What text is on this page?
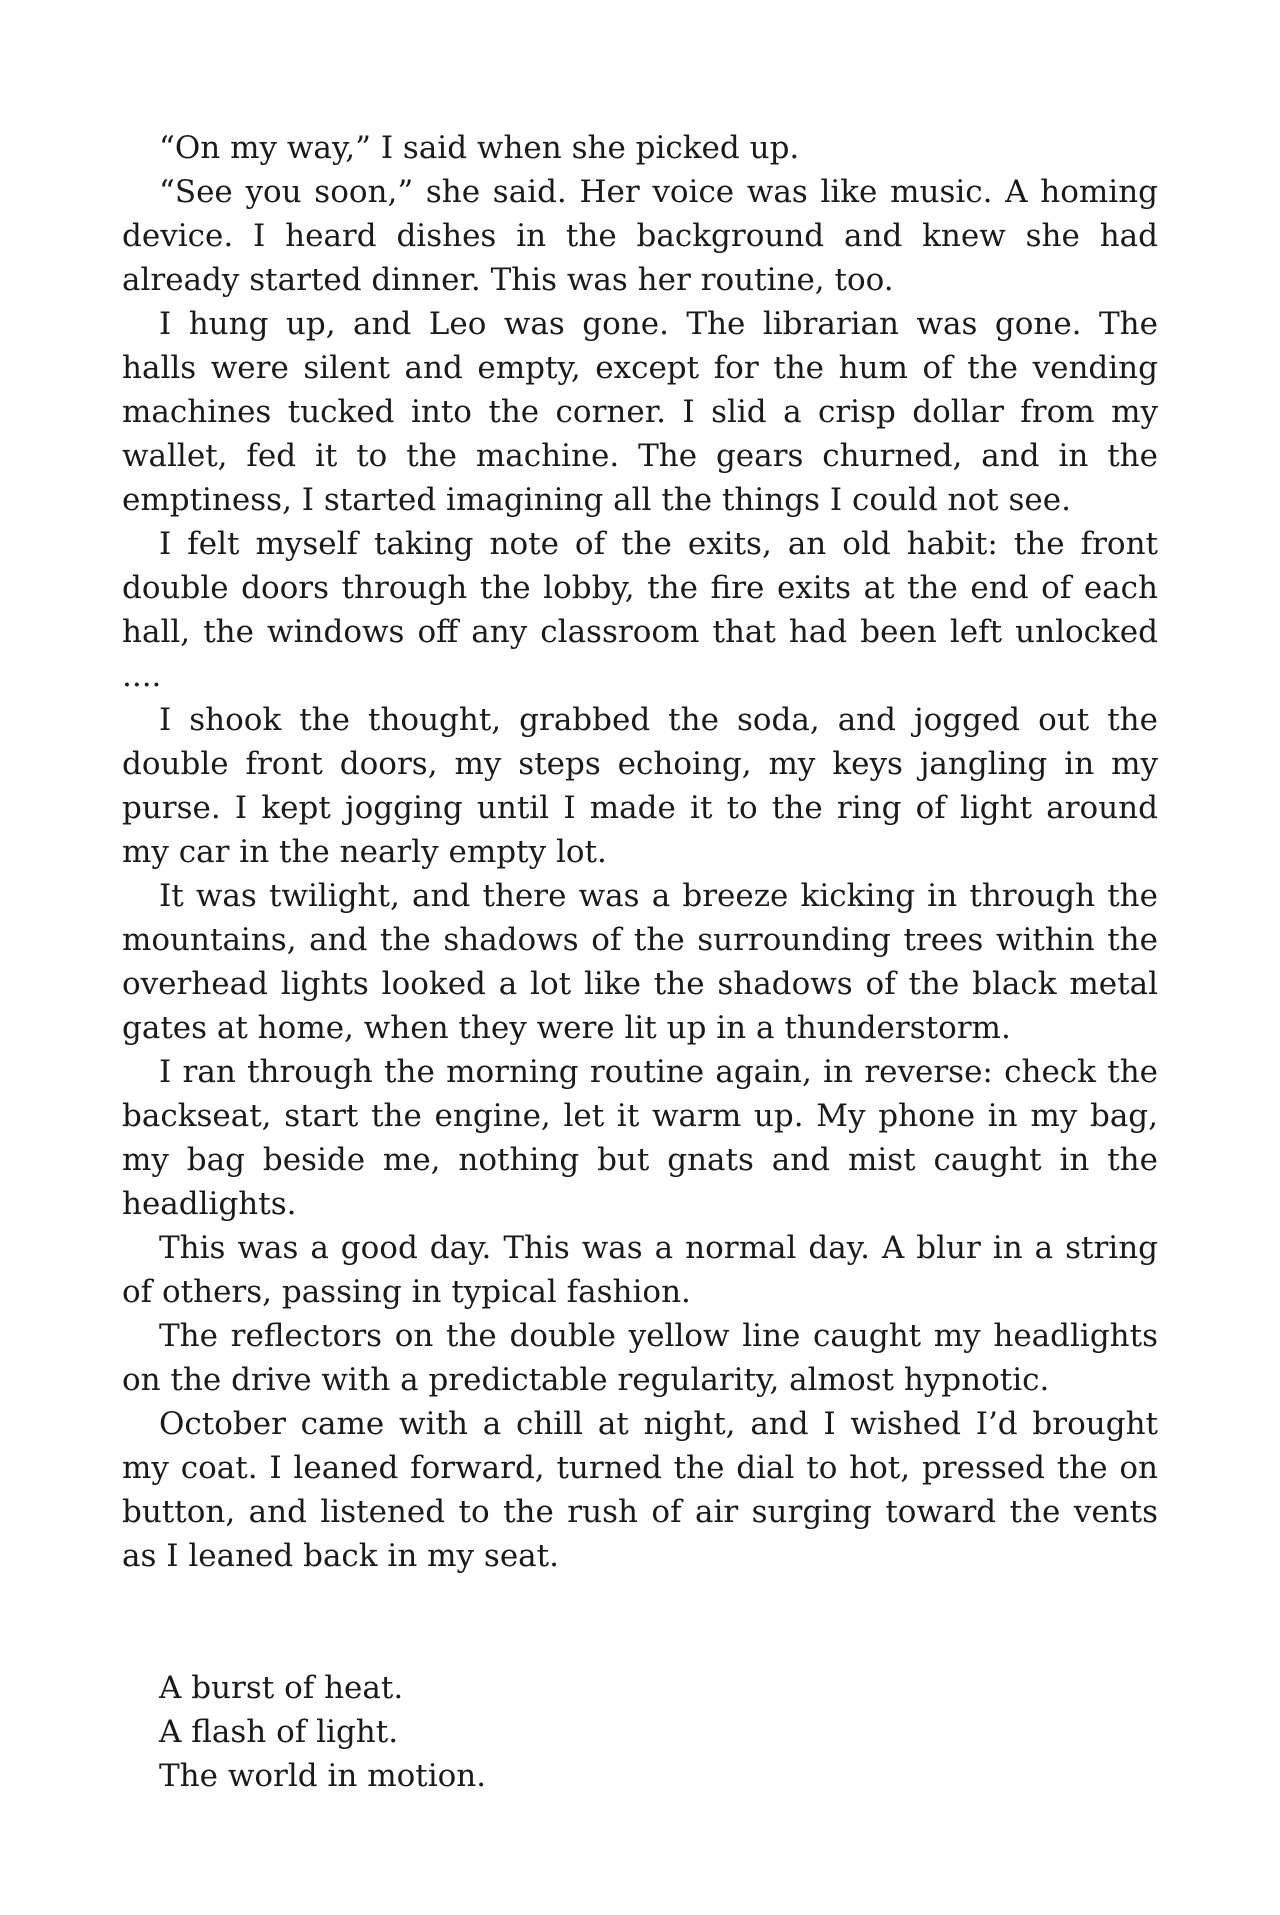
“On my way,” I said when she picked up.

“See you soon,” she said. Her voice was like music. A homing device. I heard dishes in the background and knew she had already started dinner. This was her routine, too.

I hung up, and Leo was gone. The librarian was gone. The halls were silent and empty, except for the hum of the vending machines tucked into the corner. I slid a crisp dollar from my wallet, fed it to the machine. The gears churned, and in the emptiness, I started imagining all the things I could not see.

I felt myself taking note of the exits, an old habit: the front double doors through the lobby, the fire exits at the end of each hall, the windows off any classroom that had been left unlocked ....

I shook the thought, grabbed the soda, and jogged out the double front doors, my steps echoing, my keys jangling in my purse. I kept jogging until I made it to the ring of light around my car in the nearly empty lot.

It was twilight, and there was a breeze kicking in through the mountains, and the shadows of the surrounding trees within the overhead lights looked a lot like the shadows of the black metal gates at home, when they were lit up in a thunderstorm.

I ran through the morning routine again, in reverse: check the backseat, start the engine, let it warm up. My phone in my bag, my bag beside me, nothing but gnats and mist caught in the headlights.

This was a good day. This was a normal day. A blur in a string of others, passing in typical fashion.

The reflectors on the double yellow line caught my headlights on the drive with a predictable regularity, almost hypnotic.

October came with a chill at night, and I wished I’d brought my coat. I leaned forward, turned the dial to hot, pressed the on button, and listened to the rush of air surging toward the vents as I leaned back in my seat.

A burst of heat.

A flash of light.

The world in motion.
